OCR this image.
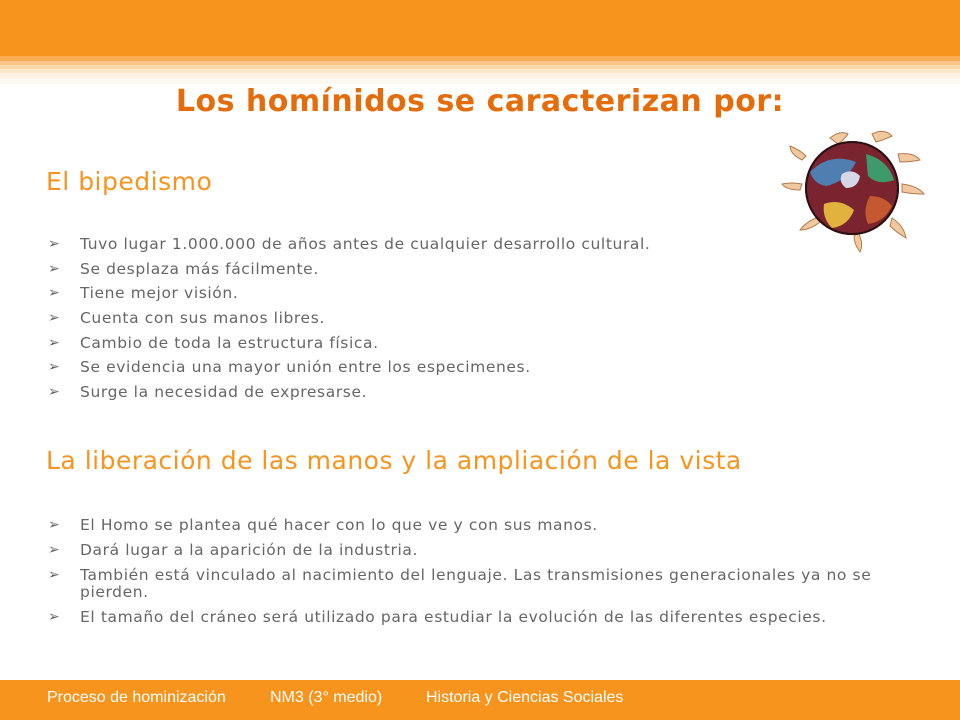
Los homínidos se caracterizan por:
El bipedismo
➢ Tuvo lugar 1.000.000 de años antes de cualquier desarrollo cultural.
➢ Se desplaza más fácilmente.
➢ Tiene mejor visión.
➢ Cuenta con sus manos libres.
➢ Cambio de toda la estructura física.
➢ Se evidencia una mayor unión entre los especimenes.
➢ Surge la necesidad de expresarse.
La liberación de las manos y la ampliación de la vista
➢ El Homo se plantea qué hacer con lo que ve y con sus manos.
➢ Dará lugar a la aparición de la industria.
➢ También está vinculado al nacimiento del lenguaje. Las transmisiones generacionales ya no se pierden.
➢ El tamaño del cráneo será utilizado para estudiar la evolución de las diferentes especies.
Proceso de hominización	NM3 (3° medio)	Historia y Ciencias Sociales
